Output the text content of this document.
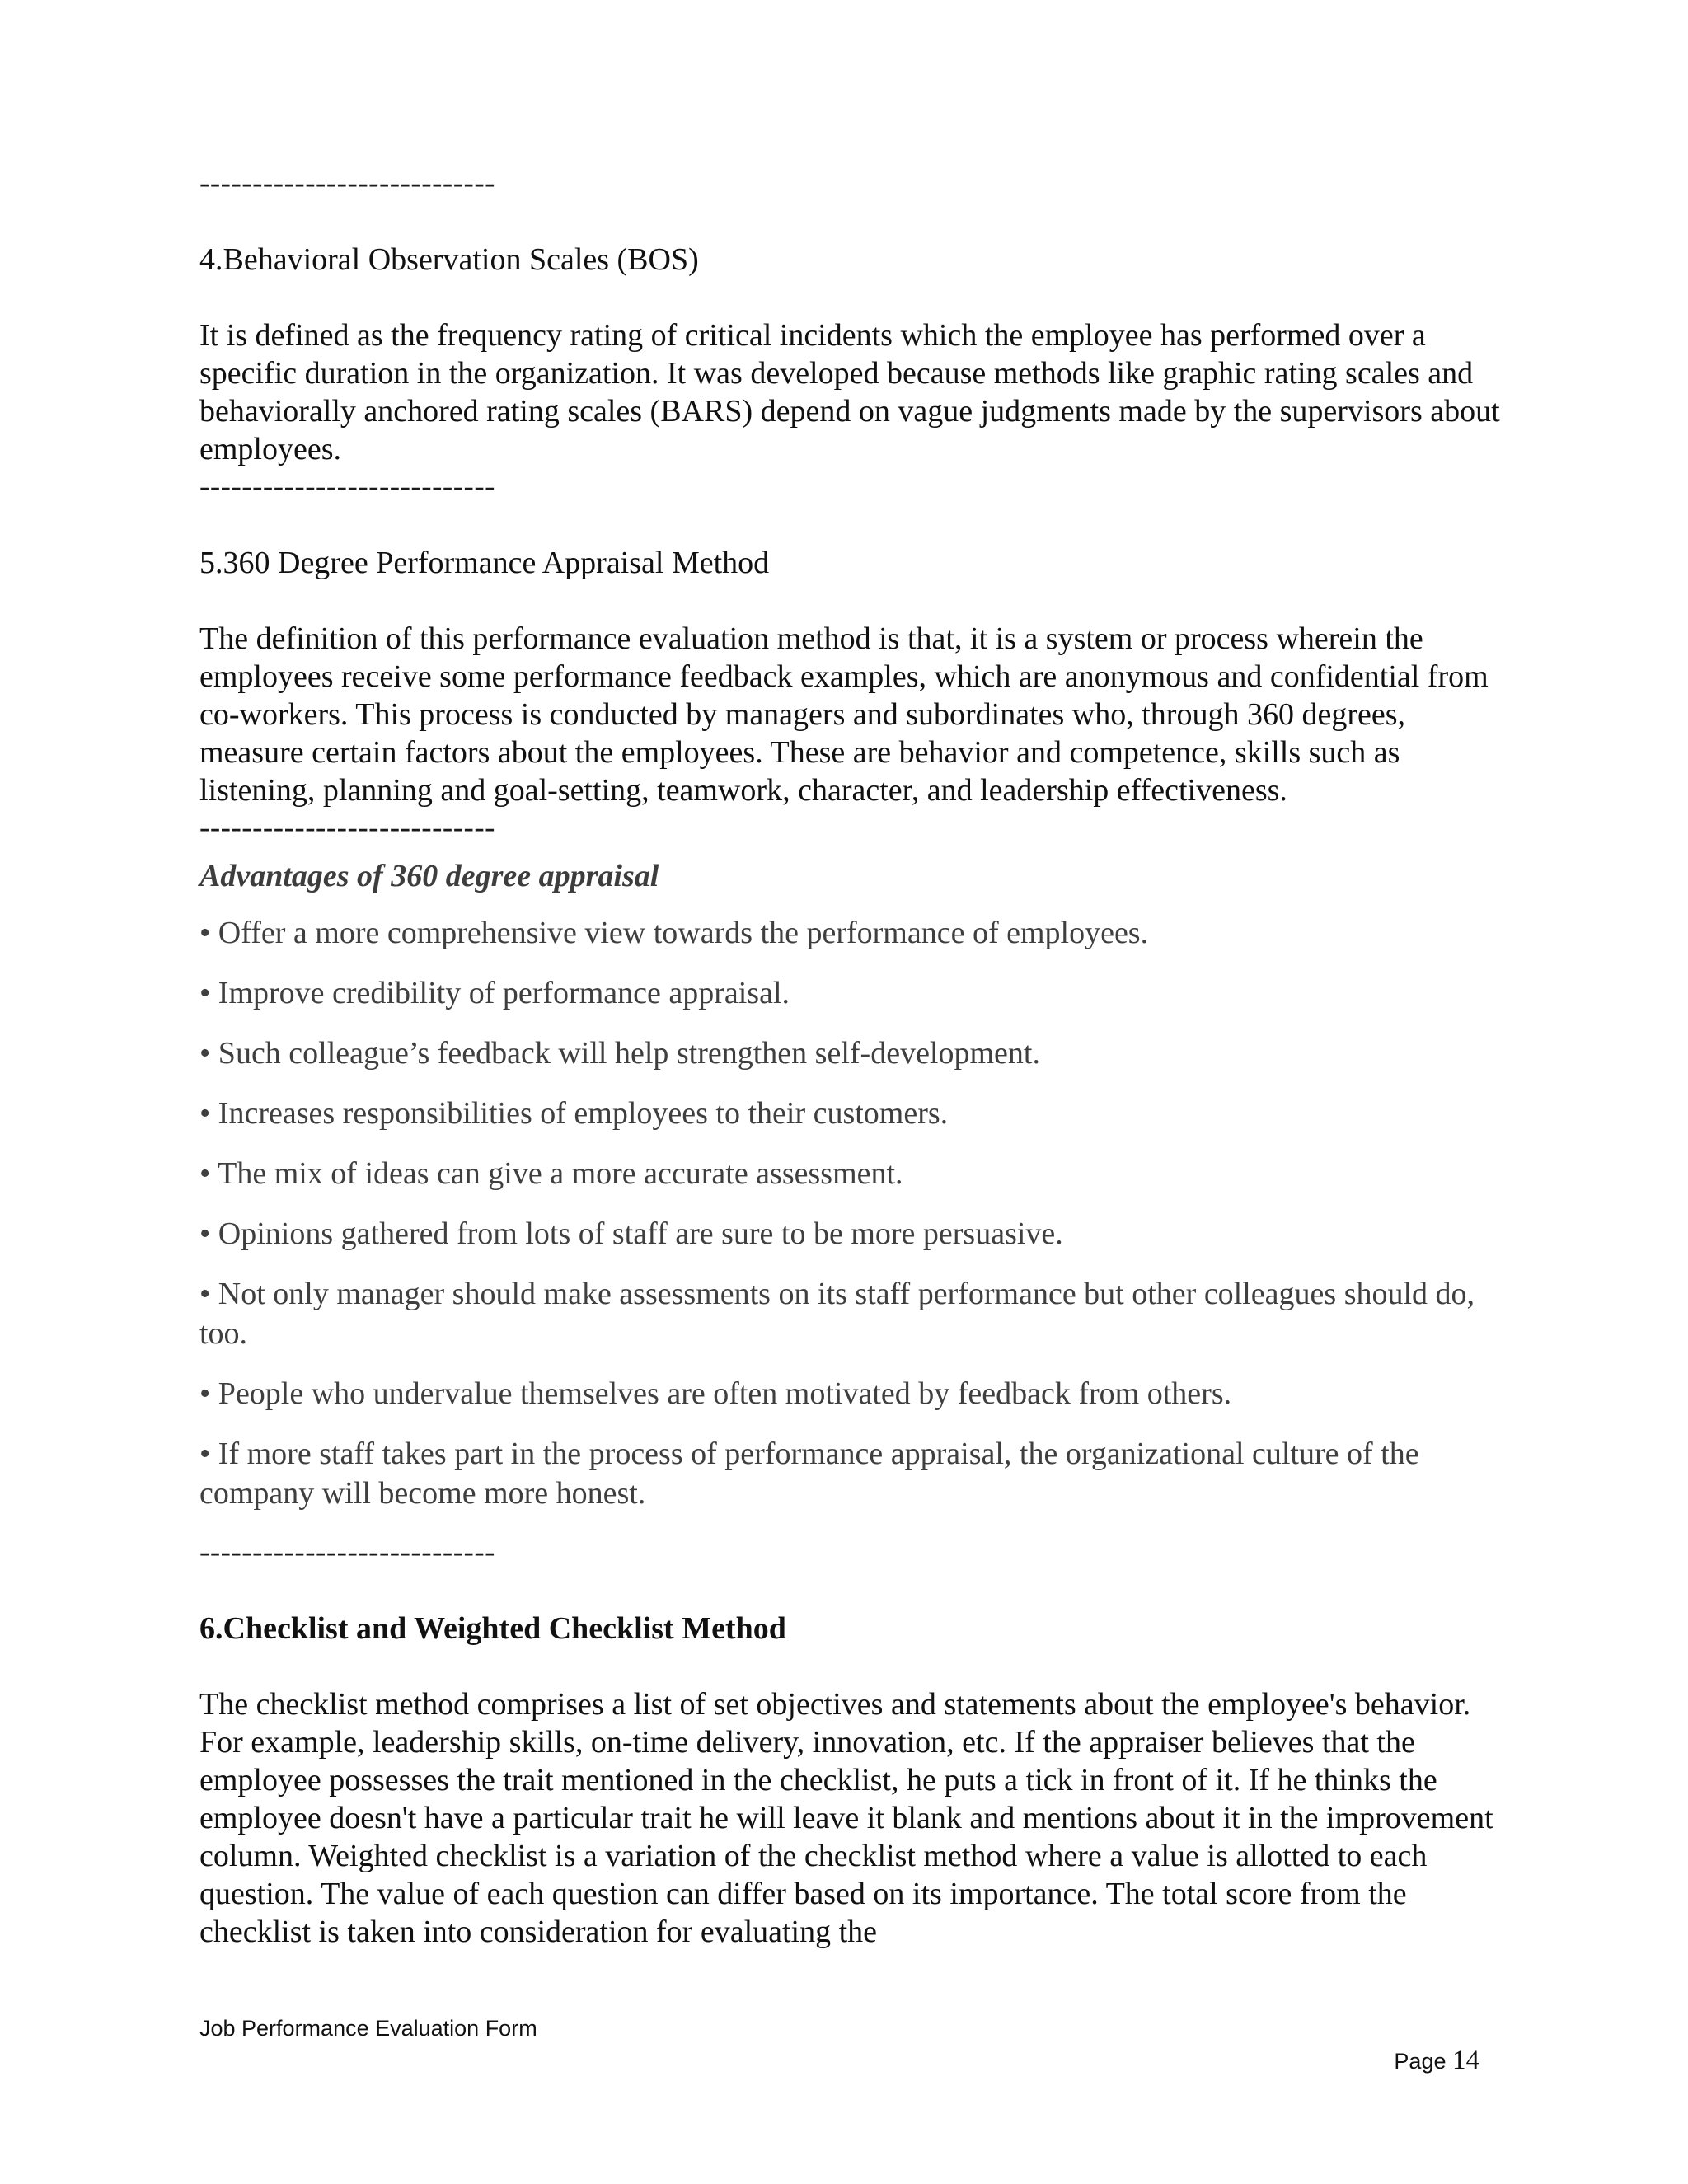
----------------------------

4.Behavioral Observation Scales (BOS)

It is defined as the frequency rating of critical incidents which the employee has performed over a specific duration in the organization. It was developed because methods like graphic rating scales and behaviorally anchored rating scales (BARS) depend on vague judgments made by the supervisors about employees.

----------------------------

5.360 Degree Performance Appraisal Method

The definition of this performance evaluation method is that, it is a system or process wherein the employees receive some performance feedback examples, which are anonymous and confidential from co-workers. This process is conducted by managers and subordinates who, through 360 degrees, measure certain factors about the employees. These are behavior and competence, skills such as listening, planning and goal-setting, teamwork, character, and leadership effectiveness.

----------------------------

Advantages of 360 degree appraisal

• Offer a more comprehensive view towards the performance of employees.
• Improve credibility of performance appraisal.
• Such colleague’s feedback will help strengthen self-development.
• Increases responsibilities of employees to their customers.
• The mix of ideas can give a more accurate assessment.
• Opinions gathered from lots of staff are sure to be more persuasive.
• Not only manager should make assessments on its staff performance but other colleagues should do, too.
• People who undervalue themselves are often motivated by feedback from others.
• If more staff takes part in the process of performance appraisal, the organizational culture of the company will become more honest.

----------------------------

6.Checklist and Weighted Checklist Method

The checklist method comprises a list of set objectives and statements about the employee's behavior. For example, leadership skills, on-time delivery, innovation, etc. If the appraiser believes that the employee possesses the trait mentioned in the checklist, he puts a tick in front of it. If he thinks the employee doesn't have a particular trait he will leave it blank and mentions about it in the improvement column. Weighted checklist is a variation of the checklist method where a value is allotted to each question. The value of each question can differ based on its importance. The total score from the checklist is taken into consideration for evaluating the

Job Performance Evaluation Form
Page 14
